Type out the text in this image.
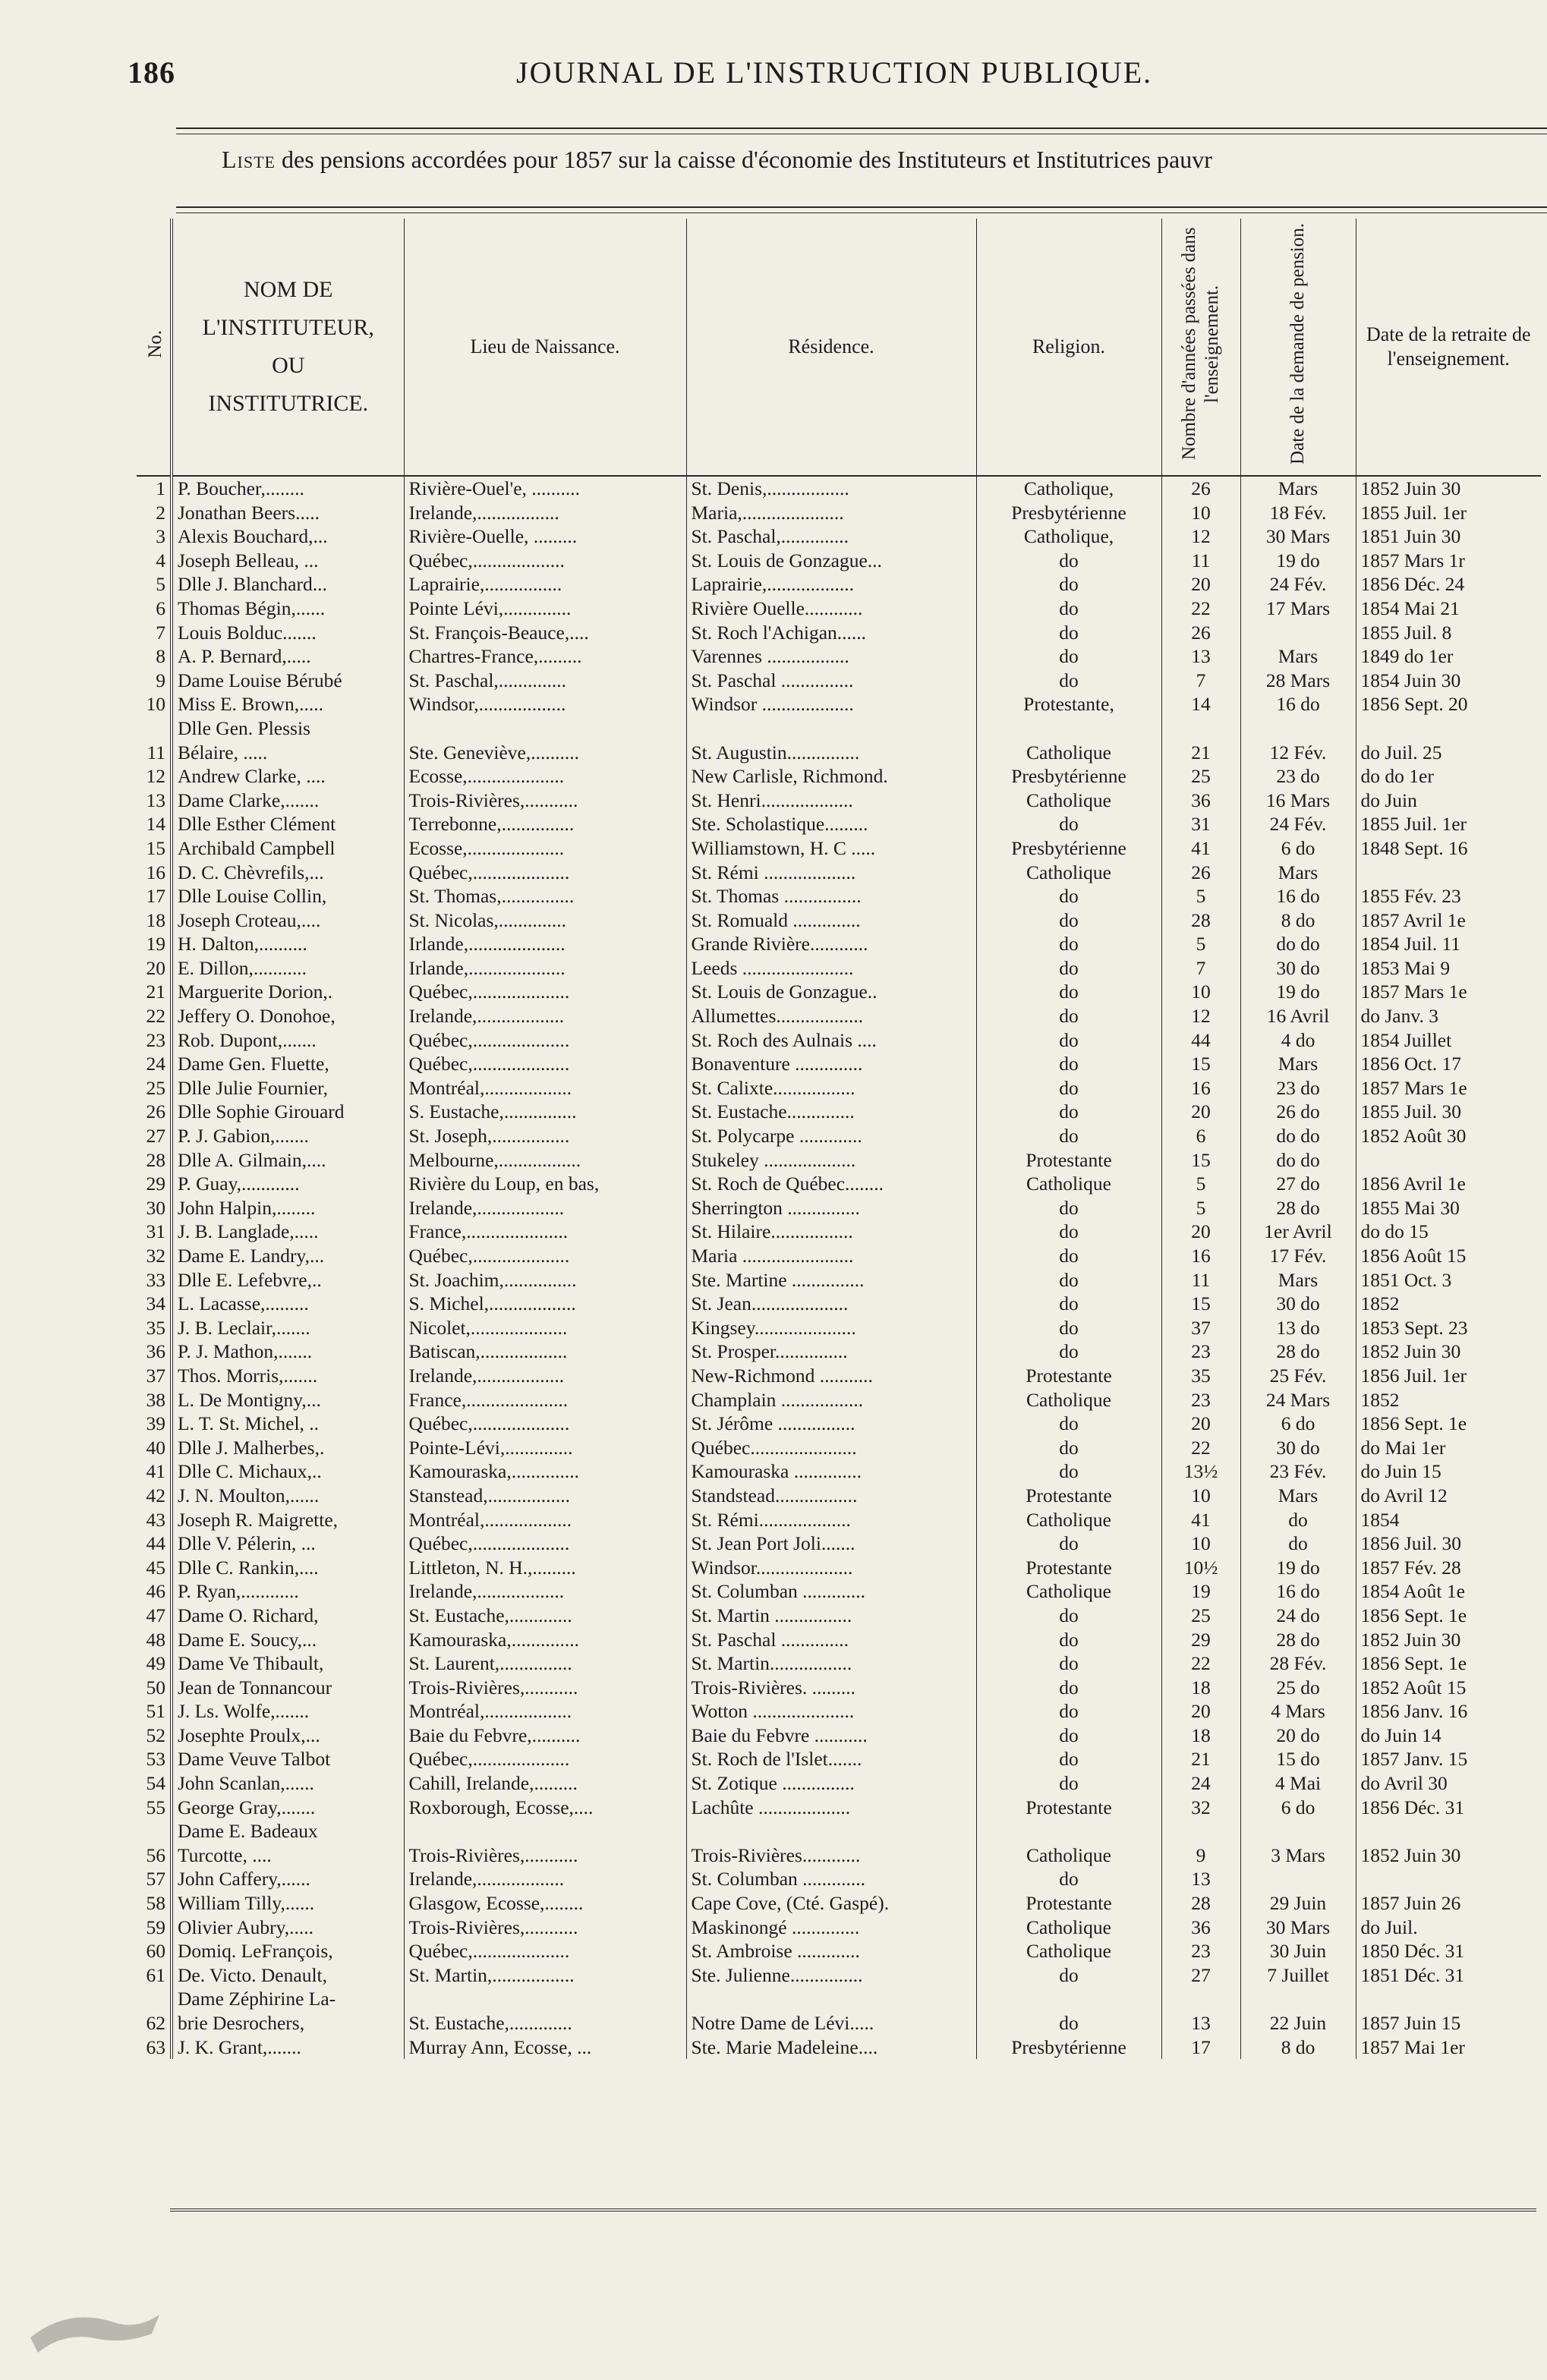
186	JOURNAL DE L'INSTRUCTION PUBLIQUE.
Liste des pensions accordées pour 1857 sur la caisse d'économie des Instituteurs et Institutrices pauvr
No.	NOM DE
L'INSTITUTEUR,
OU
INSTITUTRICE.	Lieu de Naissance.	Résidence.	Religion.	Nombre d'années passées dans l'enseignement.	Date de la demande de pension.	Date de la retraite de l'enseignement.
1	P. Boucher,........	Rivière-Ouel'e, ..........	St. Denis,.................	Catholique,	26	Mars	1852 Juin 30
2	Jonathan Beers.....	Irelande,.................	Maria,.....................	Presbytérienne	10	18 Fév.	1855 Juil. 1er
3	Alexis Bouchard,...	Rivière-Ouelle, .........	St. Paschal,..............	Catholique,	12	30 Mars	1851 Juin 30
4	Joseph Belleau, ...	Québec,...................	St. Louis de Gonzague...	do	11	19 do	1857 Mars 1r
5	Dlle J. Blanchard...	Laprairie,................	Laprairie,..................	do	20	24 Fév.	1856 Déc. 24
6	Thomas Bégin,......	Pointe Lévi,..............	Rivière Ouelle............	do	22	17 Mars	1854 Mai 21
7	Louis Bolduc.......	St. François-Beauce,....	St. Roch l'Achigan......	do	26		1855 Juil. 8
8	A. P. Bernard,.....	Chartres-France,.........	Varennes .................	do	13	Mars	1849 do 1er
9	Dame Louise Bérubé	St. Paschal,..............	St. Paschal ...............	do	7	28 Mars	1854 Juin 30
10	Miss E. Brown,.....	Windsor,..................	Windsor ...................	Protestante,	14	16 do	1856 Sept. 20
	Dlle Gen. Plessis						
11	Bélaire, .....	Ste. Geneviève,..........	St. Augustin...............	Catholique	21	12 Fév.	do Juil. 25
12	Andrew Clarke, ....	Ecosse,....................	New Carlisle, Richmond.	Presbytérienne	25	23 do	do do 1er
13	Dame Clarke,.......	Trois-Rivières,...........	St. Henri...................	Catholique	36	16 Mars	do Juin
14	Dlle Esther Clément	Terrebonne,...............	Ste. Scholastique.........	do	31	24 Fév.	1855 Juil. 1er
15	Archibald Campbell	Ecosse,....................	Williamstown, H. C .....	Presbytérienne	41	6 do	1848 Sept. 16
16	D. C. Chèvrefils,...	Québec,....................	St. Rémi ...................	Catholique	26	Mars	
17	Dlle Louise Collin,	St. Thomas,...............	St. Thomas ................	do	5	16 do	1855 Fév. 23
18	Joseph Croteau,....	St. Nicolas,..............	St. Romuald ..............	do	28	8 do	1857 Avril 1e
19	H. Dalton,..........	Irlande,....................	Grande Rivière............	do	5	do do	1854 Juil. 11
20	E. Dillon,...........	Irlande,....................	Leeds .......................	do	7	30 do	1853 Mai 9
21	Marguerite Dorion,.	Québec,....................	St. Louis de Gonzague..	do	10	19 do	1857 Mars 1e
22	Jeffery O. Donohoe,	Irelande,..................	Allumettes..................	do	12	16 Avril	do Janv. 3
23	Rob. Dupont,.......	Québec,....................	St. Roch des Aulnais ....	do	44	4 do	1854 Juillet
24	Dame Gen. Fluette,	Québec,....................	Bonaventure ..............	do	15	Mars	1856 Oct. 17
25	Dlle Julie Fournier,	Montréal,..................	St. Calixte.................	do	16	23 do	1857 Mars 1e
26	Dlle Sophie Girouard	S. Eustache,...............	St. Eustache..............	do	20	26 do	1855 Juil. 30
27	P. J. Gabion,.......	St. Joseph,................	St. Polycarpe .............	do	6	do do	1852 Août 30
28	Dlle A. Gilmain,....	Melbourne,.................	Stukeley ...................	Protestante	15	do do	
29	P. Guay,............	Rivière du Loup, en bas,	St. Roch de Québec........	Catholique	5	27 do	1856 Avril 1e
30	John Halpin,........	Irelande,..................	Sherrington ...............	do	5	28 do	1855 Mai 30
31	J. B. Langlade,.....	France,.....................	St. Hilaire.................	do	20	1er Avril	do do 15
32	Dame E. Landry,...	Québec,....................	Maria .......................	do	16	17 Fév.	1856 Août 15
33	Dlle E. Lefebvre,..	St. Joachim,...............	Ste. Martine ...............	do	11	Mars	1851 Oct. 3
34	L. Lacasse,.........	S. Michel,..................	St. Jean....................	do	15	30 do	1852
35	J. B. Leclair,.......	Nicolet,....................	Kingsey.....................	do	37	13 do	1853 Sept. 23
36	P. J. Mathon,.......	Batiscan,..................	St. Prosper...............	do	23	28 do	1852 Juin 30
37	Thos. Morris,.......	Irelande,..................	New-Richmond ...........	Protestante	35	25 Fév.	1856 Juil. 1er
38	L. De Montigny,...	France,.....................	Champlain .................	Catholique	23	24 Mars	1852
39	L. T. St. Michel, ..	Québec,....................	St. Jérôme ................	do	20	6 do	1856 Sept. 1e
40	Dlle J. Malherbes,.	Pointe-Lévi,..............	Québec......................	do	22	30 do	do Mai 1er
41	Dlle C. Michaux,..	Kamouraska,..............	Kamouraska ..............	do	13½	23 Fév.	do Juin 15
42	J. N. Moulton,......	Stanstead,.................	Standstead.................	Protestante	10	Mars	do Avril 12
43	Joseph R. Maigrette,	Montréal,..................	St. Rémi...................	Catholique	41	do	1854
44	Dlle V. Pélerin, ...	Québec,....................	St. Jean Port Joli.......	do	10	do	1856 Juil. 30
45	Dlle C. Rankin,....	Littleton, N. H.,.........	Windsor....................	Protestante	10½	19 do	1857 Fév. 28
46	P. Ryan,............	Irelande,..................	St. Columban .............	Catholique	19	16 do	1854 Août 1e
47	Dame O. Richard,	St. Eustache,.............	St. Martin ................	do	25	24 do	1856 Sept. 1e
48	Dame E. Soucy,...	Kamouraska,..............	St. Paschal ..............	do	29	28 do	1852 Juin 30
49	Dame Ve Thibault,	St. Laurent,...............	St. Martin.................	do	22	28 Fév.	1856 Sept. 1e
50	Jean de Tonnancour	Trois-Rivières,...........	Trois-Rivières. .........	do	18	25 do	1852 Août 15
51	J. Ls. Wolfe,.......	Montréal,..................	Wotton .....................	do	20	4 Mars	1856 Janv. 16
52	Josephte Proulx,...	Baie du Febvre,..........	Baie du Febvre ...........	do	18	20 do	do Juin 14
53	Dame Veuve Talbot	Québec,....................	St. Roch de l'Islet.......	do	21	15 do	1857 Janv. 15
54	John Scanlan,......	Cahill, Irelande,.........	St. Zotique ...............	do	24	4 Mai	do Avril 30
55	George Gray,.......	Roxborough, Ecosse,....	Lachûte ...................	Protestante	32	6 do	1856 Déc. 31
	Dame E. Badeaux						
56	Turcotte, ....	Trois-Rivières,...........	Trois-Rivières............	Catholique	9	3 Mars	1852 Juin 30
57	John Caffery,......	Irelande,..................	St. Columban .............	do	13		
58	William Tilly,......	Glasgow, Ecosse,........	Cape Cove, (Cté. Gaspé).	Protestante	28	29 Juin	1857 Juin 26
59	Olivier Aubry,.....	Trois-Rivières,...........	Maskinongé ..............	Catholique	36	30 Mars	do Juil.
60	Domiq. LeFrançois,	Québec,....................	St. Ambroise .............	Catholique	23	30 Juin	1850 Déc. 31
61	De. Victo. Denault,	St. Martin,.................	Ste. Julienne...............	do	27	7 Juillet	1851 Déc. 31
	Dame Zéphirine La-						
62	brie Desrochers,	St. Eustache,.............	Notre Dame de Lévi.....	do	13	22 Juin	1857 Juin 15
63	J. K. Grant,.......	Murray Ann, Ecosse, ...	Ste. Marie Madeleine....	Presbytérienne	17	8 do	1857 Mai 1er
